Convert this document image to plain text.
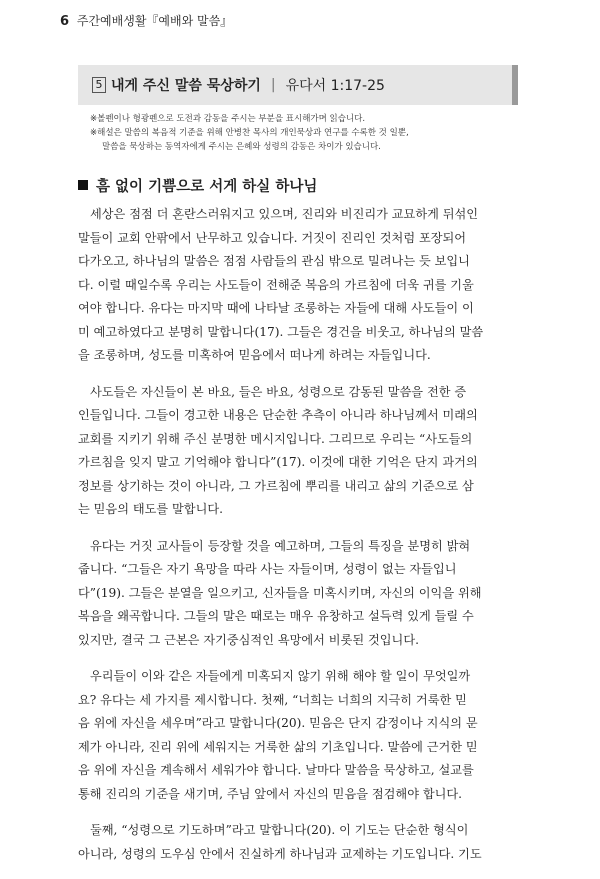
6 주간예배생활『예배와 말씀』
5 내게 주신 말씀 묵상하기 | 유다서 1:17-25

※볼펜이나 형광펜으로 도전과 감동을 주시는 부분을 표시해가며 읽습니다.

※해설은 말씀의 복음적 기준을 위해 안병찬 목사의 개인묵상과 연구를 수록한 것 일뿐,

말씀을 묵상하는 동역자에게 주시는 은혜와 성령의 감동은 차이가 있습니다.

흠 없이 기쁨으로 서게 하실 하나님

세상은 점점 더 혼란스러워지고 있으며, 진리와 비진리가 교묘하게 뒤섞인
말들이 교회 안팎에서 난무하고 있습니다. 거짓이 진리인 것처럼 포장되어
다가오고, 하나님의 말씀은 점점 사람들의 관심 밖으로 밀려나는 듯 보입니
다. 이럴 때일수록 우리는 사도들이 전해준 복음의 가르침에 더욱 귀를 기울
여야 합니다. 유다는 마지막 때에 나타날 조롱하는 자들에 대해 사도들이 이
미 예고하였다고 분명히 말합니다(17). 그들은 경건을 비웃고, 하나님의 말씀
을 조롱하며, 성도를 미혹하여 믿음에서 떠나게 하려는 자들입니다.

사도들은 자신들이 본 바요, 들은 바요, 성령으로 감동된 말씀을 전한 증
인들입니다. 그들이 경고한 내용은 단순한 추측이 아니라 하나님께서 미래의
교회를 지키기 위해 주신 분명한 메시지입니다. 그리므로 우리는 “사도들의
가르침을 잊지 말고 기억해야 합니다”(17). 이것에 대한 기억은 단지 과거의
정보를 상기하는 것이 아니라, 그 가르침에 뿌리를 내리고 삶의 기준으로 삼
는 믿음의 태도를 말합니다.

유다는 거짓 교사들이 등장할 것을 예고하며, 그들의 특징을 분명히 밝혀
줍니다. “그들은 자기 욕망을 따라 사는 자들이며, 성령이 없는 자들입니
다”(19). 그들은 분열을 일으키고, 신자들을 미혹시키며, 자신의 이익을 위해
복음을 왜곡합니다. 그들의 말은 때로는 매우 유창하고 설득력 있게 들릴 수
있지만, 결국 그 근본은 자기중심적인 욕망에서 비롯된 것입니다.

우리들이 이와 같은 자들에게 미혹되지 않기 위해 해야 할 일이 무엇일까
요? 유다는 세 가지를 제시합니다. 첫째, “너희는 너희의 지극히 거룩한 믿
음 위에 자신을 세우며”라고 말합니다(20). 믿음은 단지 감정이나 지식의 문
제가 아니라, 진리 위에 세워지는 거룩한 삶의 기초입니다. 말씀에 근거한 믿
음 위에 자신을 계속해서 세워가야 합니다. 날마다 말씀을 묵상하고, 설교를
통해 진리의 기준을 새기며, 주님 앞에서 자신의 믿음을 점검해야 합니다.

둘째, “성령으로 기도하며”라고 말합니다(20). 이 기도는 단순한 형식이
아니라, 성령의 도우심 안에서 진실하게 하나님과 교제하는 기도입니다. 기도
